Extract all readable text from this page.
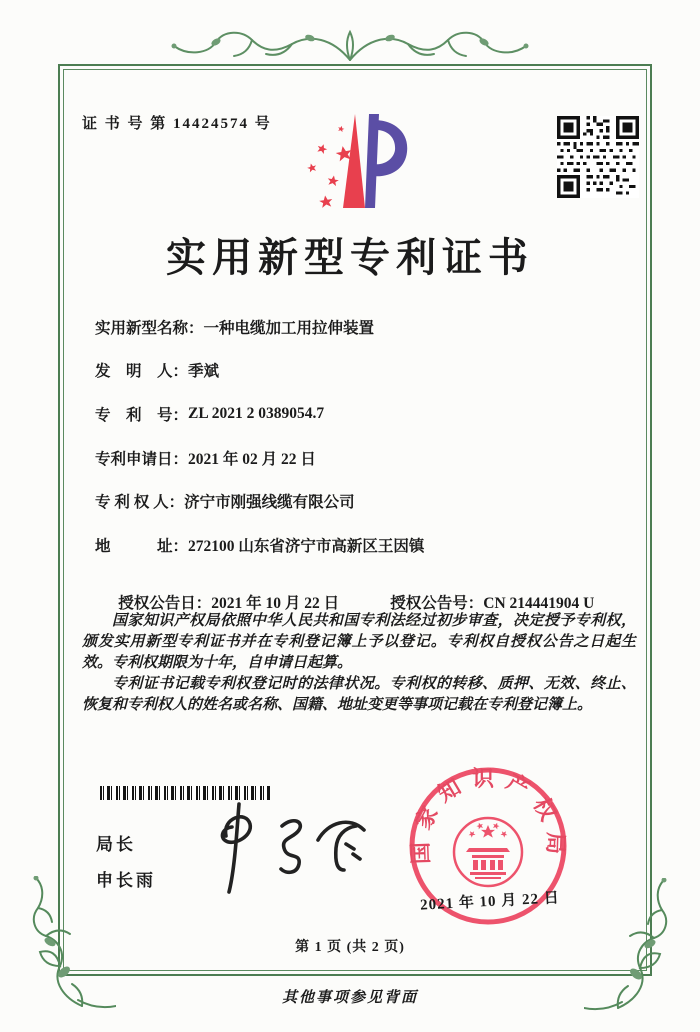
证 书 号 第 14424574 号
实用新型专利证书
实用新型名称： 一种电缆加工用拉伸装置
发　明　人： 季斌
专　利　号： ZL 2021 2 0389054.7
专利申请日： 2021 年 02 月 22 日
专 利 权 人： 济宁市刚强线缆有限公司
地　　　址： 272100 山东省济宁市高新区王因镇

授权公告日：2021 年 10 月 22 日
	授权公告号：CN 214441904 U

国家知识产权局依照中华人民共和国专利法经过初步审查，决定授予专利权，颁发实用新型专利证书并在专利登记簿上予以登记。专利权自授权公告之日起生效。专利权期限为十年，自申请日起算。

专利证书记载专利权登记时的法律状况。专利权的转移、质押、无效、终止、恢复和专利权人的姓名或名称、国籍、地址变更等事项记载在专利登记簿上。

局长
申长雨
国家知识产权局
2021 年 10 月 22 日
第 1 页 (共 2 页)
其他事项参见背面
